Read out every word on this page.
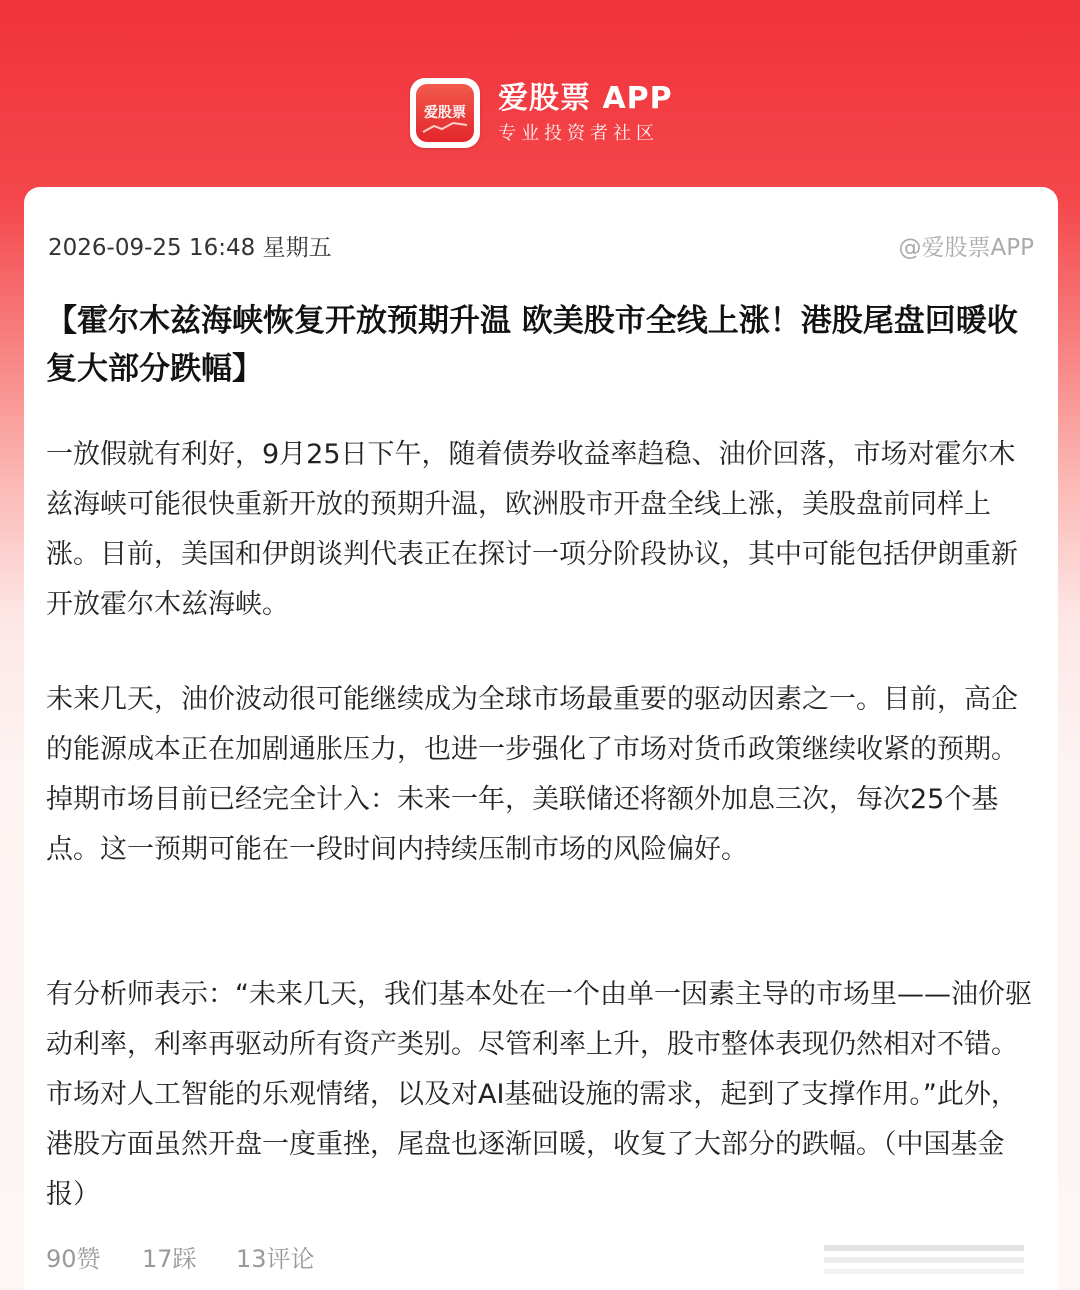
爱股票 爱股票 APP
专业投资者社区
2026-09-25 16:48 星期五	@爱股票APP
【霍尔木兹海峡恢复开放预期升温 欧美股市全线上涨！港股尾盘回暖收复大部分跌幅】

一放假就有利好，9月25日下午，随着债券收益率趋稳、油价回落，市场对霍尔木兹海峡可能很快重新开放的预期升温，欧洲股市开盘全线上涨，美股盘前同样上涨。目前，美国和伊朗谈判代表正在探讨一项分阶段协议，其中可能包括伊朗重新开放霍尔木兹海峡。

未来几天，油价波动很可能继续成为全球市场最重要的驱动因素之一。目前，高企的能源成本正在加剧通胀压力，也进一步强化了市场对货币政策继续收紧的预期。掉期市场目前已经完全计入：未来一年，美联储还将额外加息三次，每次25个基点。这一预期可能在一段时间内持续压制市场的风险偏好。

有分析师表示：“未来几天，我们基本处在一个由单一因素主导的市场里——油价驱动利率，利率再驱动所有资产类别。尽管利率上升，股市整体表现仍然相对不错。市场对人工智能的乐观情绪，以及对AI基础设施的需求，起到了支撑作用。”此外，港股方面虽然开盘一度重挫，尾盘也逐渐回暖，收复了大部分的跌幅。（中国基金报）

90赞 17踩 13评论
